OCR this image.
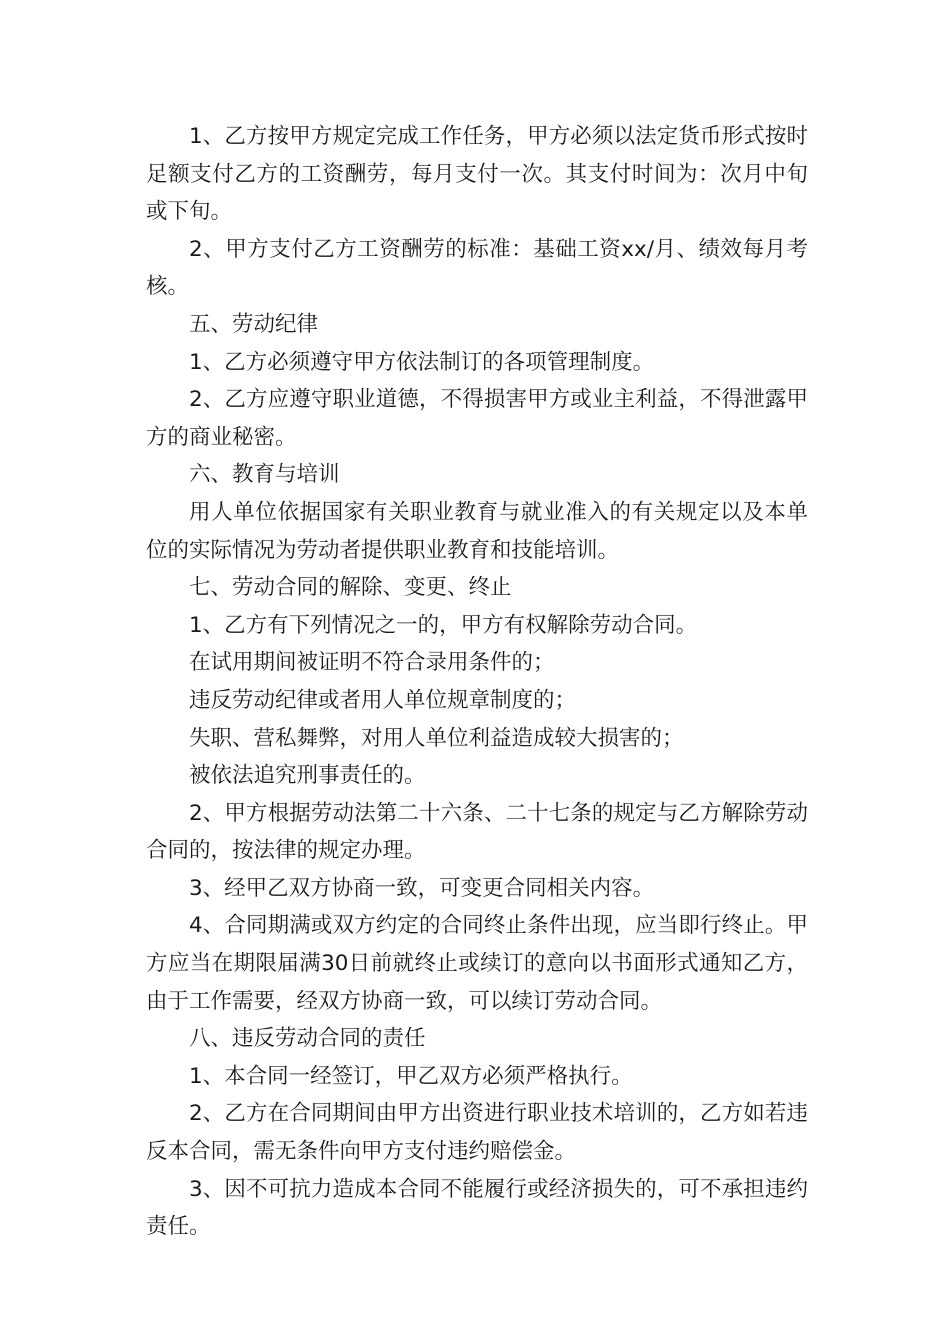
1、乙方按甲方规定完成工作任务，甲方必须以法定货币形式按时足额支付乙方的工资酬劳，每月支付一次。其支付时间为：次月中旬或下旬。

2、甲方支付乙方工资酬劳的标准：基础工资xx/月、绩效每月考核。

五、劳动纪律

1、乙方必须遵守甲方依法制订的各项管理制度。

2、乙方应遵守职业道德，不得损害甲方或业主利益，不得泄露甲方的商业秘密。

六、教育与培训

用人单位依据国家有关职业教育与就业准入的有关规定以及本单位的实际情况为劳动者提供职业教育和技能培训。

七、劳动合同的解除、变更、终止

1、乙方有下列情况之一的，甲方有权解除劳动合同。

在试用期间被证明不符合录用条件的；

违反劳动纪律或者用人单位规章制度的；

失职、营私舞弊，对用人单位利益造成较大损害的；

被依法追究刑事责任的。

2、甲方根据劳动法第二十六条、二十七条的规定与乙方解除劳动合同的，按法律的规定办理。

3、经甲乙双方协商一致，可变更合同相关内容。

4、合同期满或双方约定的合同终止条件出现，应当即行终止。甲方应当在期限届满30日前就终止或续订的意向以书面形式通知乙方，由于工作需要，经双方协商一致，可以续订劳动合同。

八、违反劳动合同的责任

1、本合同一经签订，甲乙双方必须严格执行。

2、乙方在合同期间由甲方出资进行职业技术培训的，乙方如若违反本合同，需无条件向甲方支付违约赔偿金。

3、因不可抗力造成本合同不能履行或经济损失的，可不承担违约责任。
